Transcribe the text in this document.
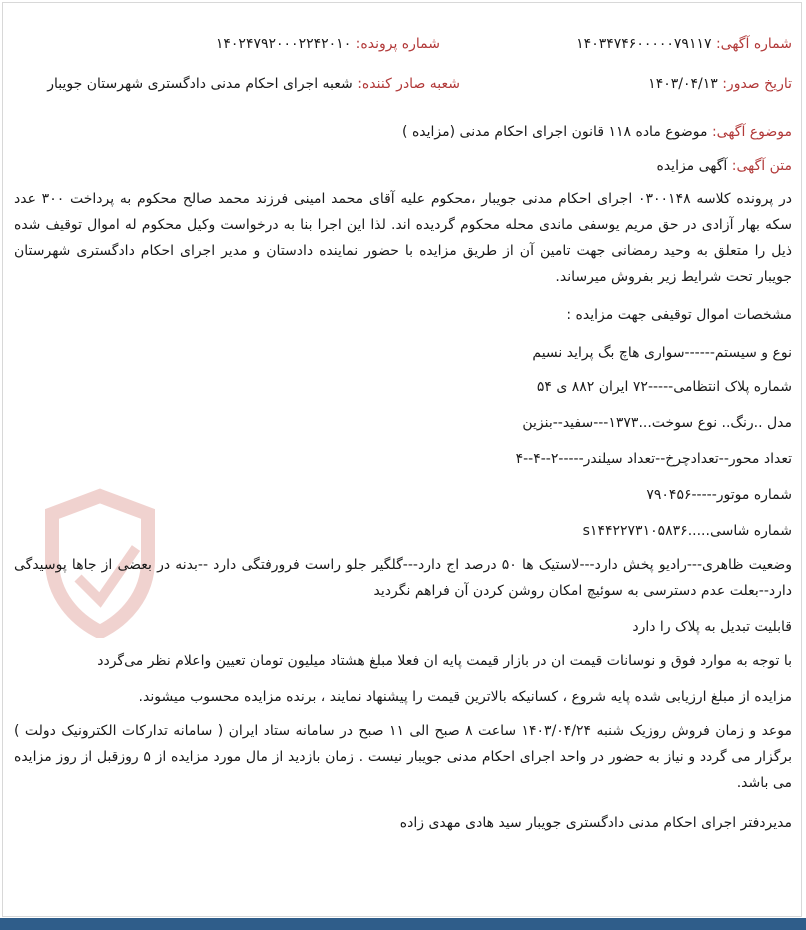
شماره آگهی: ۱۴۰۳۴۷۴۶۰۰۰۰۰۷۹۱۱۷
شماره پرونده: ۱۴۰۲۴۷۹۲۰۰۰۲۲۴۲۰۱۰
تاریخ صدور: ۱۴۰۳/۰۴/۱۳
شعبه صادر کننده: شعبه اجرای احکام مدنی دادگستری شهرستان جویبار
موضوع آگهی: موضوع ماده ۱۱۸ قانون اجرای احکام مدنی (مزایده )
متن آگهی: آگهی مزایده
در پرونده کلاسه ۰۳۰۰۱۴۸ اجرای احکام مدنی جویبار ،محکوم علیه آقای محمد امینی فرزند محمد صالح محکوم به پرداخت ۳۰۰ عدد سکه بهار آزادی در حق مریم یوسفی ماندی محله محکوم گردیده اند. لذا این اجرا بنا به درخواست وکیل محکوم له اموال توقیف شده ذیل را متعلق به وحید رمضانی جهت تامین آن از طریق مزایده با حضور نماینده دادستان و مدیر اجرای احکام دادگستری شهرستان جویبار تحت شرایط زیر بفروش میرساند.
مشخصات اموال توقیفی جهت مزایده :
نوع و سیستم------سواری هاچ بگ پراید نسیم
شماره پلاک انتظامی-----۷۲ ایران ۸۸۲ ی ۵۴
مدل ..رنگ.. نوع سوخت...۱۳۷۳---سفید--بنزین
تعداد محور--تعدادچرخ--تعداد سیلندر-----۲--۴--۴
شماره موتور-----۷۹۰۴۵۶
شماره شاسی.....s۱۴۴۲۲۷۳۱۰۵۸۳۶
وضعیت ظاهری---رادیو پخش دارد---لاستیک ها ۵۰ درصد اج دارد---گلگیر جلو راست فرورفتگی دارد --بدنه در بعضی از جاها پوسیدگی دارد--بعلت عدم دسترسی به سوئیچ امکان روشن کردن آن فراهم نگردید
قابلیت تبدیل به پلاک را دارد
با توجه به موارد فوق و نوسانات قیمت ان در بازار قیمت پایه ان فعلا مبلغ هشتاد میلیون تومان تعیین واعلام نظر می‌گردد
مزایده از مبلغ ارزیابی شده پایه شروع ، کسانیکه بالاترین قیمت را پیشنهاد نمایند ، برنده مزایده محسوب میشوند.
موعد و زمان فروش روزیک شنبه ۱۴۰۳/۰۴/۲۴ ساعت ۸ صبح الی ۱۱ صبح در سامانه ستاد ایران ( سامانه تدارکات الکترونیک دولت ) برگزار می گردد و نیاز به حضور در واحد اجرای احکام مدنی جویبار نیست . زمان بازدید از مال مورد مزایده از ۵ روزقبل از روز مزایده می باشد.
مدیردفتر اجرای احکام مدنی دادگستری جویبار سید هادی مهدی زاده
